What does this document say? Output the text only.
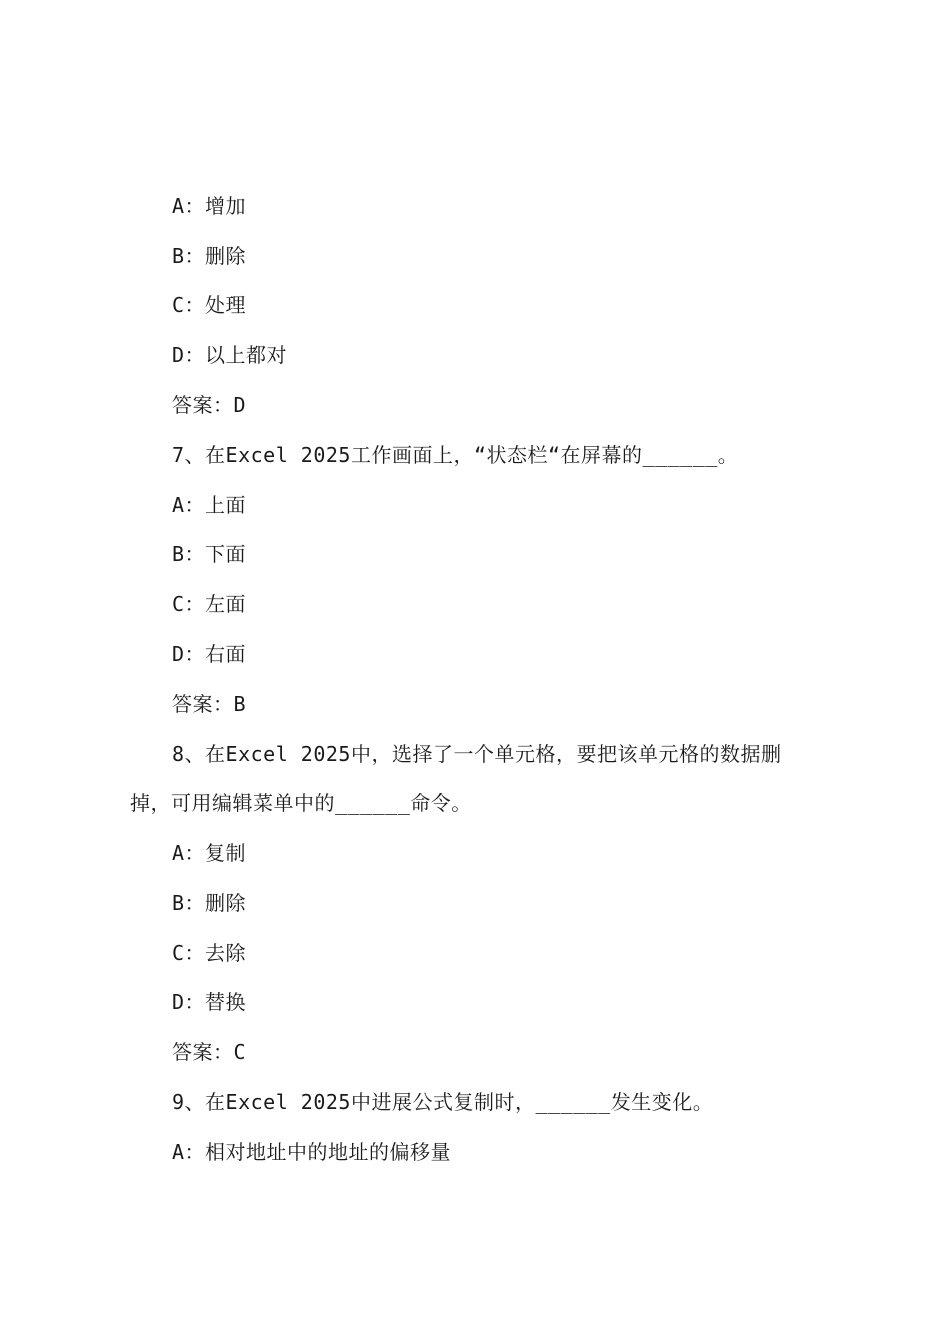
A：增加
B：删除
C：处理
D：以上都对
答案：D
7、在Excel 2025工作画面上，“状态栏“在屏幕的______。
A：上面
B：下面
C：左面
D：右面
答案：B
8、在Excel 2025中，选择了一个单元格，要把该单元格的数据删
掉，可用编辑菜单中的______命令。
A：复制
B：删除
C：去除
D：替换
答案：C
9、在Excel 2025中进展公式复制时，______发生变化。
A：相对地址中的地址的偏移量
